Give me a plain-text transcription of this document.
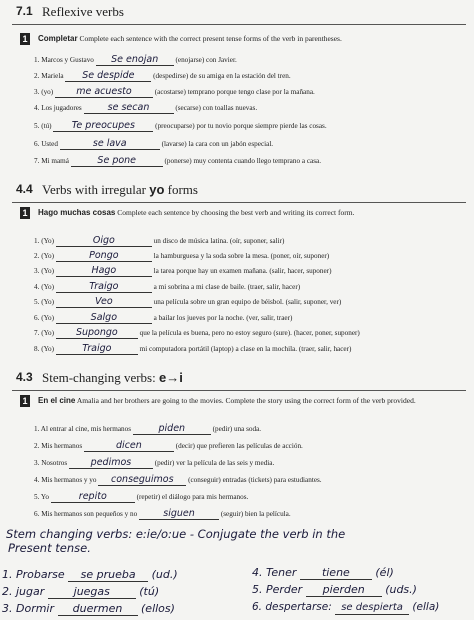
7.1 Reflexive verbs
1	Completar Complete each sentence with the correct present tense forms of the verb in parentheses.
1. Marcos y Gustavo Se enojan (enojarse) con Javier.
2. Mariela Se despide	(despedirse) de su amiga en la estación del tren.
3. (yo) me acuesto	(acostarse) temprano porque tengo clase por la mañana.
4. Los jugadores	se secan	(secarse) con toallas nuevas.
5. (tú) Te preocupes	(preocuparse) por tu novio porque siempre pierde las cosas.
6. Usted	se lava	(lavarse) la cara con un jabón especial.
7. Mi mamá	Se pone	(ponerse) muy contenta cuando llego temprano a casa.
4.4 Verbs with irregular yo forms
1	Hago muchas cosas Complete each sentence by choosing the best verb and writing its correct form.
1. (Yo)	Oigo	un disco de música latina. (oír, suponer, salir)
2. (Yo)	Pongo	la hamburguesa y la soda sobre la mesa. (poner, oír, suponer)
3. (Yo)	Hago	la tarea porque hay un examen mañana. (salir, hacer, suponer)
4. (Yo)	Traigo	a mi sobrina a mi clase de baile. (traer, salir, hacer)
5. (Yo)	Veo	una película sobre un gran equipo de béisbol. (salir, suponer, ver)
6. (Yo)	Salgo	a bailar los jueves por la noche. (ver, salir, traer)
7. (Yo) Supongo	que la película es buena, pero no estoy seguro (sure). (hacer, poner, suponer)
8. (Yo)	Traigo	mi computadora portátil (laptop) a clase en la mochila. (traer, salir, hacer)
4.3 Stem-changing verbs: e→i
1	En el cine Amalia and her brothers are going to the movies. Complete the story using the correct form of the verb provided.
1. Al entrar al cine, mis hermanos	piden	(pedir) una soda.
2. Mis hermanos	dicen	(decir) que prefieren las películas de acción.
3. Nosotros pedimos	(pedir) ver la película de las seis y media.
4. Mis hermanos y yo conseguimos (conseguir) entradas (tickets) para estudiantes.
5. Yo	repito	(repetir) el diálogo para mis hermanos.
6. Mis hermanos son pequeños y no	siguen	(seguir) bien la película.
Stem changing verbs: e:ie/o:ue - Conjugate the verb in the
Present tense.
1. Probarse se prueba (ud.)
2. jugar	juegas	(tú)
3. Dormir duermen (ellos)
4. Tener tiene (él)
5. Perder pierden (uds.)
6. despertarse: se despierta (ella)
